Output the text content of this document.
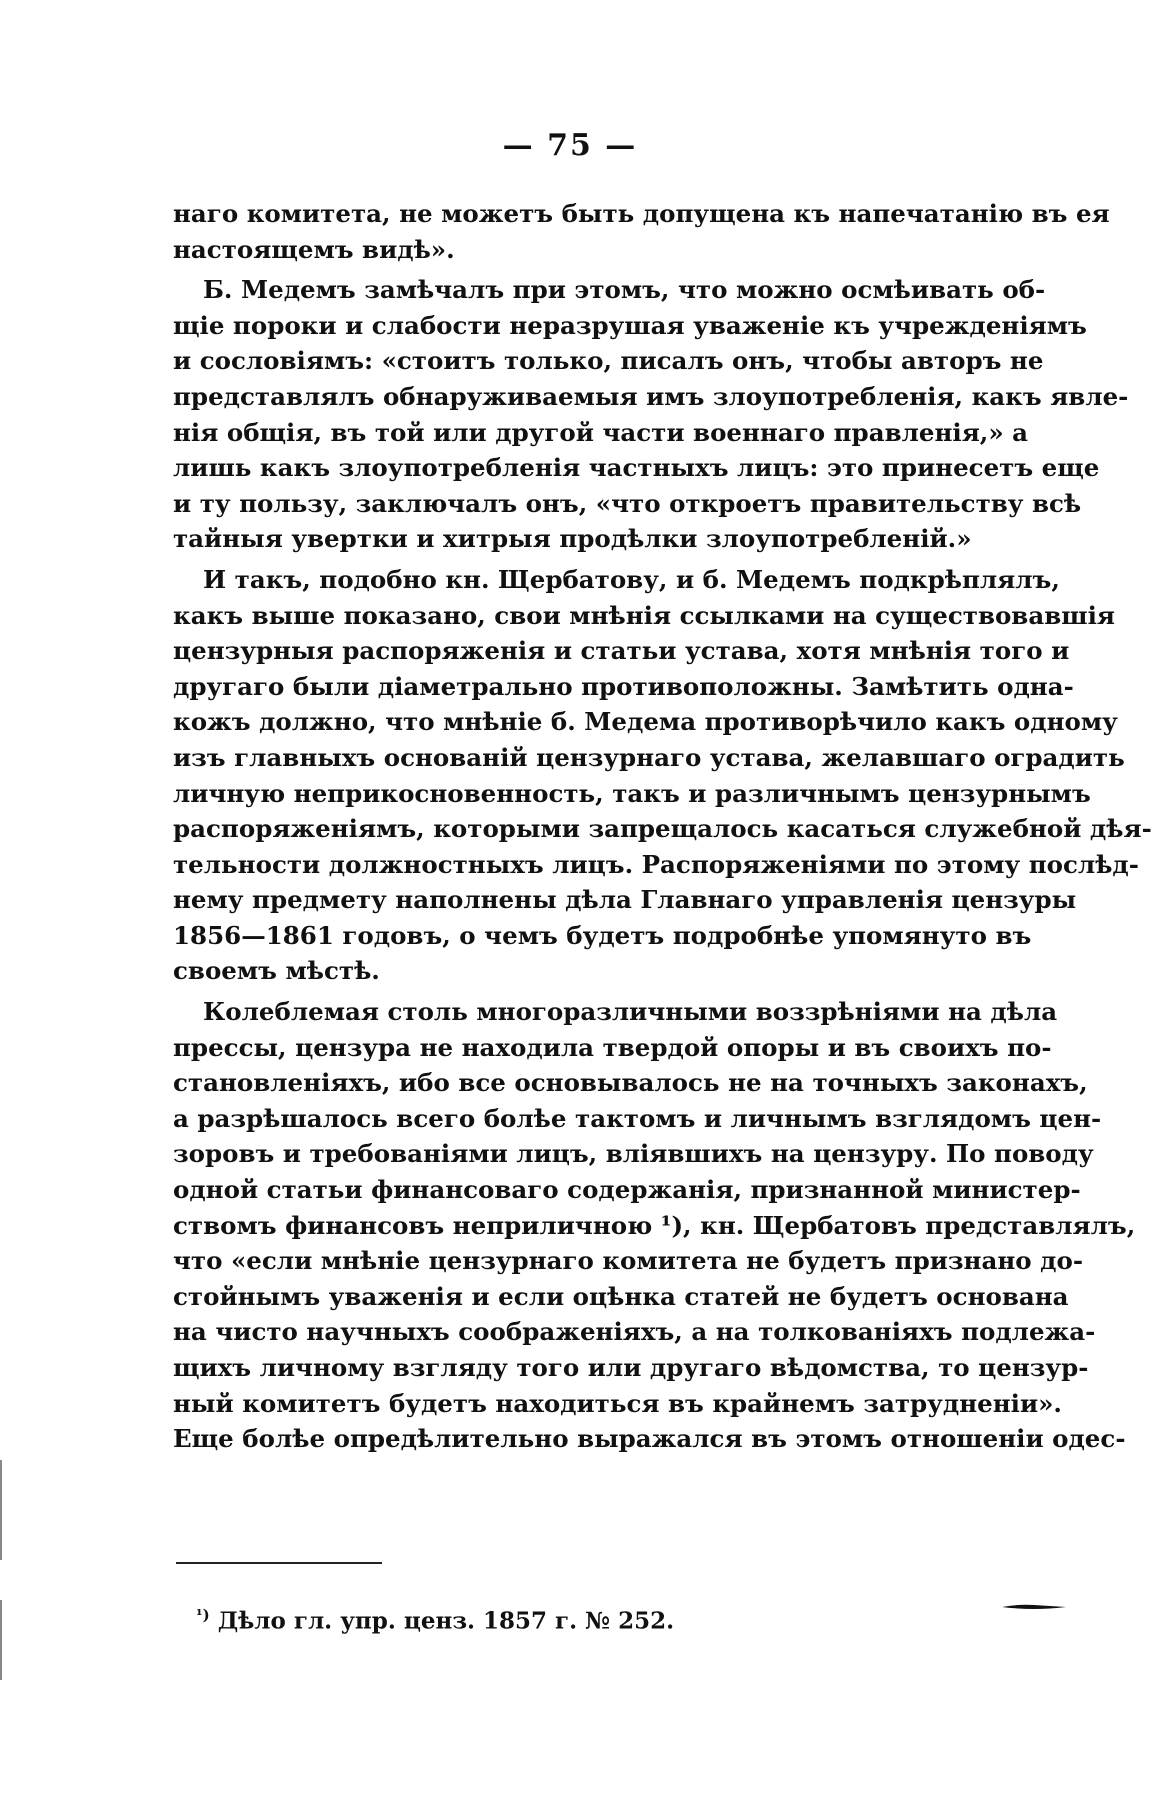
— 75 —
наго комитета, не можетъ быть допущена къ напечатанію въ ея
настоящемъ видѣ».
Б. Медемъ замѣчалъ при этомъ, что можно осмѣивать об-
щіе пороки и слабости неразрушая уваженіе къ учрежденіямъ
и сословіямъ: «стоитъ только, писалъ онъ, чтобы авторъ не
представлялъ обнаруживаемыя имъ злоупотребленія, какъ явле-
нія общія, въ той или другой части военнаго правленія,» а
лишь какъ злоупотребленія частныхъ лицъ: это принесетъ еще
и ту пользу, заключалъ онъ, «что откроетъ правительству всѣ
тайныя увертки и хитрыя продѣлки злоупотребленій.»
И такъ, подобно кн. Щербатову, и б. Медемъ подкрѣплялъ,
какъ выше показано, свои мнѣнія ссылками на существовавшія
цензурныя распоряженія и статьи устава, хотя мнѣнія того и
другаго были діаметрально противоположны. Замѣтить одна-
кожъ должно, что мнѣніе б. Медема противорѣчило какъ одному
изъ главныхъ основаній цензурнаго устава, желавшаго оградить
личную неприкосновенность, такъ и различнымъ цензурнымъ
распоряженіямъ, которыми запрещалось касаться служебной дѣя-
тельности должностныхъ лицъ. Распоряженіями по этому послѣд-
нему предмету наполнены дѣла Главнаго управленія цензуры
1856—1861 годовъ, о чемъ будетъ подробнѣе упомянуто въ
своемъ мѣстѣ.
Колеблемая столь многоразличными воззрѣніями на дѣла
прессы, цензура не находила твердой опоры и въ своихъ по-
становленіяхъ, ибо все основывалось не на точныхъ законахъ,
а разрѣшалось всего болѣе тактомъ и личнымъ взглядомъ цен-
зоровъ и требованіями лицъ, вліявшихъ на цензуру. По поводу
одной статьи финансоваго содержанія, признанной министер-
ствомъ финансовъ неприличною ¹), кн. Щербатовъ представлялъ,
что «если мнѣніе цензурнаго комитета не будетъ признано до-
стойнымъ уваженія и если оцѣнка статей не будетъ основана
на чисто научныхъ соображеніяхъ, а на толкованіяхъ подлежа-
щихъ личному взгляду того или другаго вѣдомства, то цензур-
ный комитетъ будетъ находиться въ крайнемъ затрудненіи».
Еще болѣе опредѣлительно выражался въ этомъ отношеніи одес-
$^{^1)}$ Дѣло гл. упр. ценз. 1857 г. № 252.
